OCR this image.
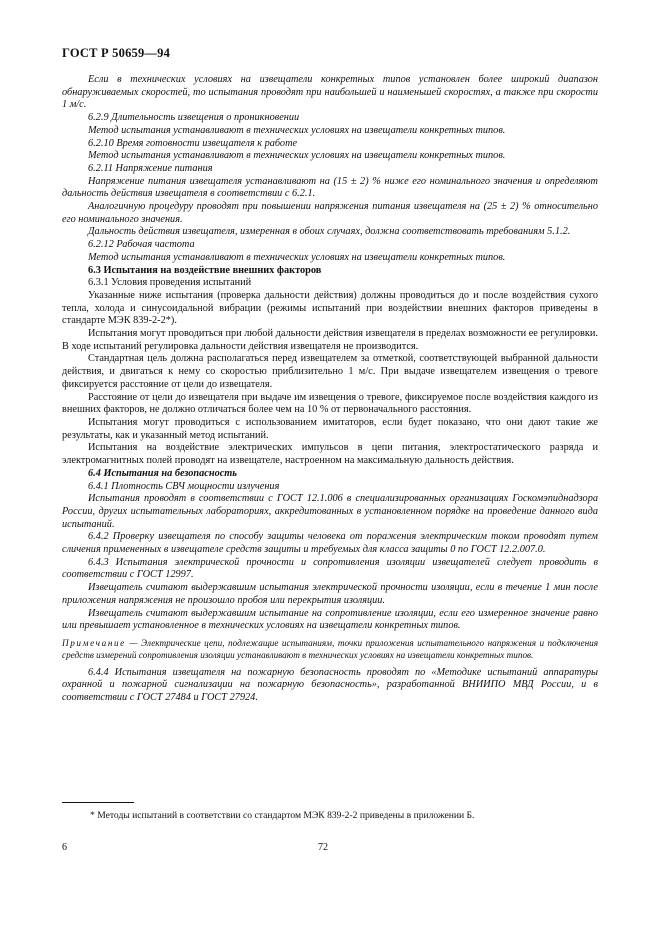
ГОСТ Р 50659—94

Если в технических условиях на извещатели конкретных типов установлен более широкий диапазон обнаруживаемых скоростей, то испытания проводят при наибольшей и наименьшей скоростях, а также при скорости 1 м/с.

6.2.9 Длительность извещения о проникновении

Метод испытания устанавливают в технических условиях на извещатели конкретных типов.

6.2.10 Время готовности извещателя к работе

Метод испытания устанавливают в технических условиях на извещатели конкретных типов.

6.2.11 Напряжение питания

Напряжение питания извещателя устанавливают на (15 ± 2) % ниже его номинального значения и определяют дальность действия извещателя в соответствии с 6.2.1.

Аналогичную процедуру проводят при повышении напряжения питания извещателя на (25 ± 2) % относительно его номинального значения.

Дальность действия извещателя, измеренная в обоих случаях, должна соответствовать требованиям 5.1.2.

6.2.12 Рабочая частота

Метод испытания устанавливают в технических условиях на извещатели конкретных типов.

6.3 Испытания на воздействие внешних факторов

6.3.1 Условия проведения испытаний

Указанные ниже испытания (проверка дальности действия) должны проводиться до и после воздействия сухого тепла, холода и синусоидальной вибрации (режимы испытаний при воздействии внешних факторов приведены в стандарте МЭК 839-2-2*).

Испытания могут проводиться при любой дальности действия извещателя в пределах возможности ее регулировки. В ходе испытаний регулировка дальности действия извещателя не производится.

Стандартная цель должна располагаться перед извещателем за отметкой, соответствующей выбранной дальности действия, и двигаться к нему со скоростью приблизительно 1 м/с. При выдаче извещателем извещения о тревоге фиксируется расстояние от цели до извещателя.

Расстояние от цели до извещателя при выдаче им извещения о тревоге, фиксируемое после воздействия каждого из внешних факторов, не должно отличаться более чем на 10 % от первоначального расстояния.

Испытания могут проводиться с использованием имитаторов, если будет показано, что они дают такие же результаты, как и указанный метод испытаний.

Испытания на воздействие электрических импульсов в цепи питания, электростатического разряда и электромагнитных полей проводят на извещателе, настроенном на максимальную дальность действия.

6.4 Испытания на безопасность

6.4.1 Плотность СВЧ мощности излучения

Испытания проводят в соответствии с ГОСТ 12.1.006 в специализированных организациях Госкомэпиднадзора России, других испытательных лабораториях, аккредитованных в установленном порядке на проведение данного вида испытаний.

6.4.2 Проверку извещателя по способу защиты человека от поражения электрическим током проводят путем сличения примененных в извещателе средств защиты и требуемых для класса защиты 0 по ГОСТ 12.2.007.0.

6.4.3 Испытания электрической прочности и сопротивления изоляции извещателей следует проводить в соответствии с ГОСТ 12997.

Извещатель считают выдержавшим испытания электрической прочности изоляции, если в течение 1 мин после приложения напряжения не произошло пробоя или перекрытия изоляции.

Извещатель считают выдержавшим испытание на сопротивление изоляции, если его измеренное значение равно или превышает установленное в технических условиях на извещатели конкретных типов.

Примечание — Электрические цепи, подлежащие испытаниям, точки приложения испытательного напряжения и подключения средств измерений сопротивления изоляции устанавливают в технических условиях на извещатели конкретных типов.

6.4.4 Испытания извещателя на пожарную безопасность проводят по «Методике испытаний аппаратуры охранной и пожарной сигнализации на пожарную безопасность», разработанной ВНИИПО МВД России, и в соответствии с ГОСТ 27484 и ГОСТ 27924.

* Методы испытаний в соответствии со стандартом МЭК 839-2-2 приведены в приложении Б.
6	72
